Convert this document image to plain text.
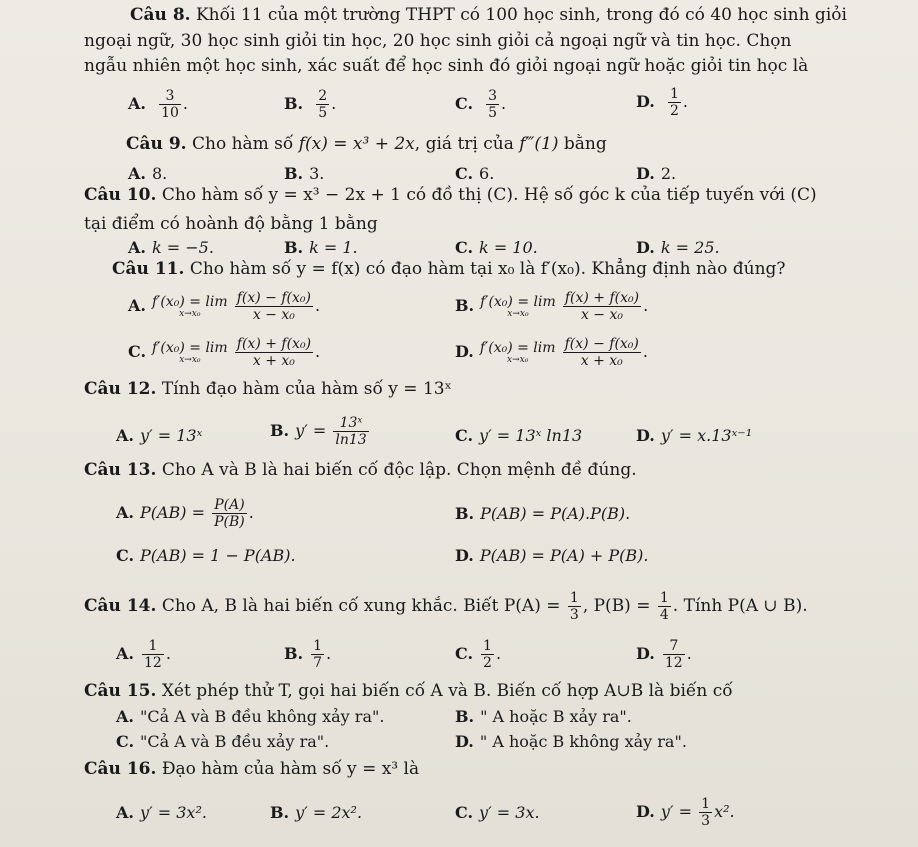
Câu 8. Khối 11 của một trường THPT có 100 học sinh, trong đó có 40 học sinh giỏi
ngoại ngữ, 30 học sinh giỏi tin học, 20 học sinh giỏi cả ngoại ngữ và tin học. Chọn
ngẫu nhiên một học sinh, xác suất để học sinh đó giỏi ngoại ngữ hoặc giỏi tin học là
A. $\frac{3}{10}$ .	B. $\frac{2}{5}$ .	C. $\frac{3}{5}$ .	D. $\frac{1}{2}$ .
Câu 9. Cho hàm số f(x) = x³ + 2x, giá trị của f‴(1) bằng
A. 8.	B. 3.	C. 6.	D. 2.
Câu 10. Cho hàm số y = x³ − 2x + 1 có đồ thị (C). Hệ số góc k của tiếp tuyến với (C)
tại điểm có hoành độ bằng 1 bằng
A. k = −5.	B. k = 1.	C. k = 10.	D. k = 25.
Câu 11. Cho hàm số y = f(x) có đạo hàm tại x₀ là f′(x₀). Khẳng định nào đúng?
A. f′(x₀) = lim
x→x₀
	$\frac{\text{f(x) − f(x₀)}}{\text{x − x₀}}$ .	B. f′(x₀) = lim
x→x₀
	$\frac{\text{f(x) + f(x₀)}}{\text{x − x₀}}$ .
C. f′(x₀) = lim
x→x₀
	$\frac{\text{f(x) + f(x₀)}}{\text{x + x₀}}$ .	D. f′(x₀) = lim
x→x₀
	$\frac{\text{f(x) − f(x₀)}}{\text{x + x₀}}$ .
Câu 12. Tính đạo hàm của hàm số y = 13ˣ
A. y′ = 13ˣ	B. $y' = \frac{\text{13ˣ}}{\ln 13}$	C. y′ = 13ˣ ln13	D. y′ = x.13ˣ⁻¹
Câu 13. Cho A và B là hai biến cố độc lập. Chọn mệnh đề đúng.
A. $P(AB) = \frac{P(A)}{P(B)}$ .	B. P(AB) = P(A).P(B).
C. P(AB) = 1 − P(AB).	D. P(AB) = P(A) + P(B).
Câu 14. Cho A, B là hai biến cố xung khắc. Biết $P(A) = \frac{1}{3}$ , $P(B) = \frac{1}{4}$ . Tính P(A ∪ B).
A. $\frac{1}{12}$ .	B. $\frac{1}{7}$ .	C. $\frac{1}{2}$ .	D. $\frac{7}{12}$ .
Câu 15. Xét phép thử T, gọi hai biến cố A và B. Biến cố hợp A∪B là biến cố
A. "Cả A và B đều không xảy ra".	B. " A hoặc B xảy ra".
C. "Cả A và B đều xảy ra".	D. " A hoặc B không xảy ra".
Câu 16. Đạo hàm của hàm số y = x³ là
A. y′ = 3x².	B. y′ = 2x².	C. y′ = 3x.	D. $y' = \frac{1}{3} x^2$.
